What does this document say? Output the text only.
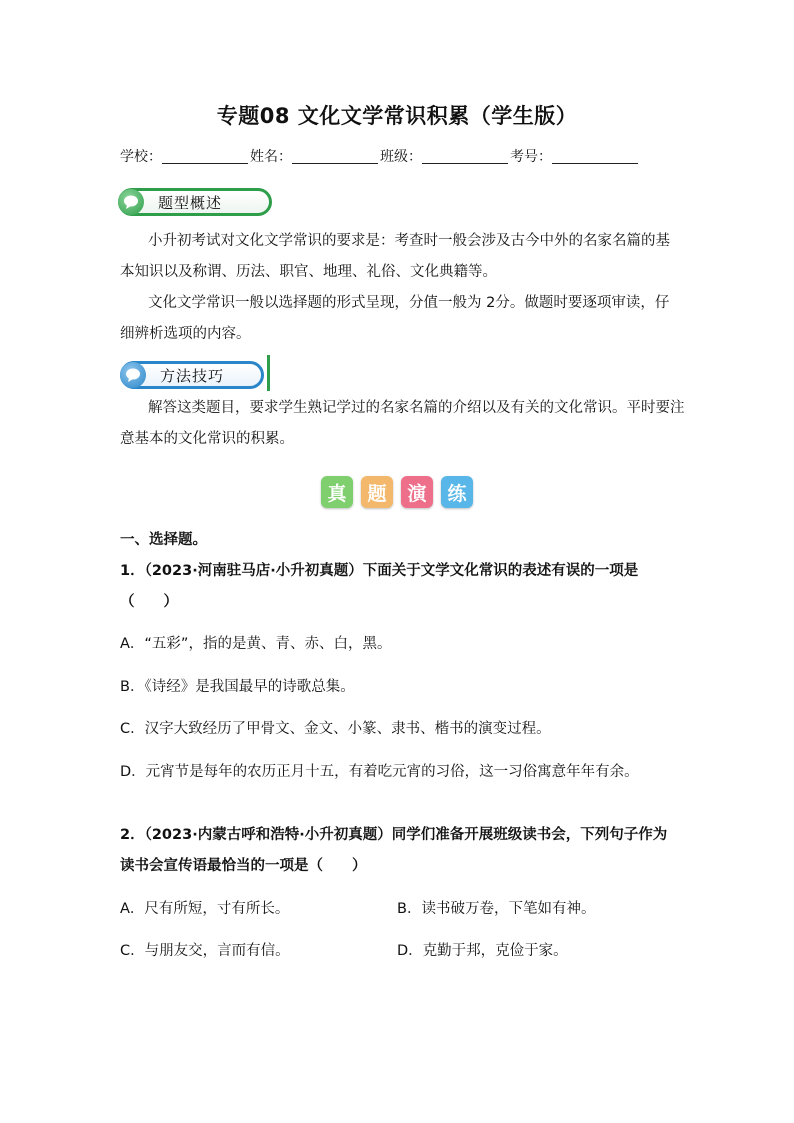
专题08 文化文学常识积累（学生版）
学校：	姓名：	班级：	考号：
题型概述
小升初考试对文化文学常识的要求是：考查时一般会涉及古今中外的名家名篇的基本知识以及称谓、历法、职官、地理、礼俗、文化典籍等。
文化文学常识一般以选择题的形式呈现，分值一般为 2分。做题时要逐项审读，仔细辨析选项的内容。
方法技巧
解答这类题目，要求学生熟记学过的名家名篇的介绍以及有关的文化常识。平时要注意基本的文化常识的积累。
真	题	演	练
一、选择题。
1．（2023·河南驻马店·小升初真题）下面关于文学文化常识的表述有误的一项是（　　）
A．“五彩”，指的是黄、青、赤、白，黑。
B．《诗经》是我国最早的诗歌总集。
C．汉字大致经历了甲骨文、金文、小篆、隶书、楷书的演变过程。
D．元宵节是每年的农历正月十五，有着吃元宵的习俗，这一习俗寓意年年有余。
2．（2023·内蒙古呼和浩特·小升初真题）同学们准备开展班级读书会，下列句子作为读书会宣传语最恰当的一项是（　　）
A．尺有所短，寸有所长。	B．读书破万卷，下笔如有神。
C．与朋友交，言而有信。	D．克勤于邦，克俭于家。
